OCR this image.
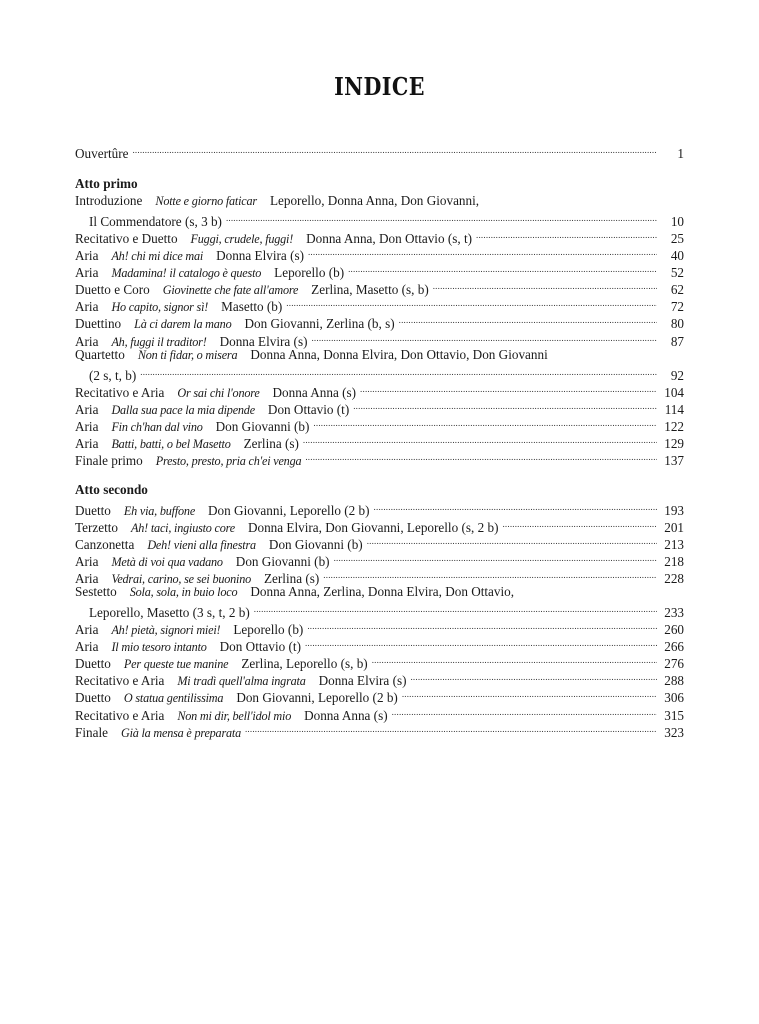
INDICE
Ouvertûre .....	1
Atto primo
Introduzione Notte e giorno faticar Leporello, Donna Anna, Don Giovanni,
Il Commendatore (s, 3 b) .....	10
Recitativo e Duetto Fuggi, crudele, fuggi! Donna Anna, Don Ottavio (s, t) .....	25
Aria Ah! chi mi dice mai Donna Elvira (s) .....	40
Aria Madamina! il catalogo è questo Leporello (b) .....	52
Duetto e Coro Giovinette che fate all'amore Zerlina, Masetto (s, b) .....	62
Aria Ho capito, signor sì! Masetto (b) .....	72
Duettino Là ci darem la mano Don Giovanni, Zerlina (b, s) .....	80
Aria Ah, fuggi il traditor! Donna Elvira (s) .....	87
Quartetto Non ti fidar, o misera Donna Anna, Donna Elvira, Don Ottavio, Don Giovanni
(2 s, t, b) .....	92
Recitativo e Aria Or sai chi l'onore Donna Anna (s) .....	104
Aria Dalla sua pace la mia dipende Don Ottavio (t) .....	114
Aria Fin ch'han dal vino Don Giovanni (b) .....	122
Aria Batti, batti, o bel Masetto Zerlina (s) .....	129
Finale primo Presto, presto, pria ch'ei venga .....	137
Atto secondo
Duetto Eh via, buffone Don Giovanni, Leporello (2 b) .....	193
Terzetto Ah! taci, ingiusto core Donna Elvira, Don Giovanni, Leporello (s, 2 b) .....	201
Canzonetta Deh! vieni alla finestra Don Giovanni (b) .....	213
Aria Metà di voi qua vadano Don Giovanni (b) .....	218
Aria Vedrai, carino, se sei buonino Zerlina (s) .....	228
Sestetto Sola, sola, in buio loco Donna Anna, Zerlina, Donna Elvira, Don Ottavio,
Leporello, Masetto (3 s, t, 2 b) .....	233
Aria Ah! pietà, signori miei! Leporello (b) .....	260
Aria Il mio tesoro intanto Don Ottavio (t) .....	266
Duetto Per queste tue manine Zerlina, Leporello (s, b) .....	276
Recitativo e Aria Mi tradì quell'alma ingrata Donna Elvira (s) .....	288
Duetto O statua gentilissima Don Giovanni, Leporello (2 b) .....	306
Recitativo e Aria Non mi dir, bell'idol mio Donna Anna (s) .....	315
Finale Già la mensa è preparata .....	323
